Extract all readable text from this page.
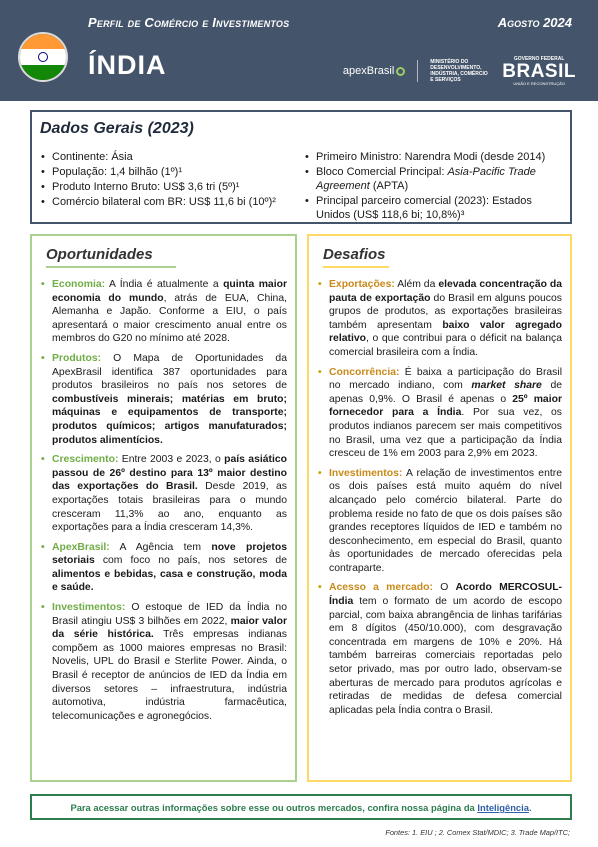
Perfil de Comércio e Investimentos	Agosto 2024
ÍNDIA	apexBrasil
MINISTÉRIO DO DESENVOLVIMENTO, INDÚSTRIA, COMÉRCIO E SERVIÇOS
GOVERNO FEDERAL
BRASIL
UNIÃO E RECONSTRUÇÃO
Dados Gerais (2023)
• Continente: Ásia
• População: 1,4 bilhão (1º)¹
• Produto Interno Bruto: US$ 3,6 tri (5º)¹
• Comércio bilateral com BR: US$ 11,6 bi (10º)²
• Primeiro Ministro: Narendra Modi (desde 2014)
• Bloco Comercial Principal: Asia-Pacific Trade Agreement (APTA)
• Principal parceiro comercial (2023): Estados Unidos (US$ 118,6 bi; 10,8%)³
Oportunidades
• Economia: A Índia é atualmente a quinta maior economia do mundo, atrás de EUA, China, Alemanha e Japão. Conforme a EIU, o país apresentará o maior crescimento anual entre os membros do G20 no mínimo até 2028.
• Produtos: O Mapa de Oportunidades da ApexBrasil identifica 387 oportunidades para produtos brasileiros no país nos setores de combustíveis minerais; matérias em bruto; máquinas e equipamentos de transporte; produtos químicos; artigos manufaturados; produtos alimentícios.
• Crescimento: Entre 2003 e 2023, o país asiático passou de 26º destino para 13º maior destino das exportações do Brasil. Desde 2019, as exportações totais brasileiras para o mundo cresceram 11,3% ao ano, enquanto as exportações para a Índia cresceram 14,3%.
• ApexBrasil: A Agência tem nove projetos setoriais com foco no país, nos setores de alimentos e bebidas, casa e construção, moda e saúde.
• Investimentos: O estoque de IED da Índia no Brasil atingiu US$ 3 bilhões em 2022, maior valor da série histórica. Três empresas indianas compõem as 1000 maiores empresas no Brasil: Novelis, UPL do Brasil e Sterlite Power. Ainda, o Brasil é receptor de anúncios de IED da Índia em diversos setores – infraestrutura, indústria automotiva, indústria farmacêutica, telecomunicações e agronegócios.
Desafios
• Exportações: Além da elevada concentração da pauta de exportação do Brasil em alguns poucos grupos de produtos, as exportações brasileiras também apresentam baixo valor agregado relativo, o que contribui para o déficit na balança comercial brasileira com a Índia.
• Concorrência: É baixa a participação do Brasil no mercado indiano, com market share de apenas 0,9%. O Brasil é apenas o 25º maior fornecedor para a Índia. Por sua vez, os produtos indianos parecem ser mais competitivos no Brasil, uma vez que a participação da Índia cresceu de 1% em 2003 para 2,9% em 2023.
• Investimentos: A relação de investimentos entre os dois países está muito aquém do nível alcançado pelo comércio bilateral. Parte do problema reside no fato de que os dois países são grandes receptores líquidos de IED e também no desconhecimento, em especial do Brasil, quanto às oportunidades de mercado oferecidas pela contraparte.
• Acesso a mercado: O Acordo MERCOSUL-Índia tem o formato de um acordo de escopo parcial, com baixa abrangência de linhas tarifárias em 8 dígitos (450/10.000), com desgravação concentrada em margens de 10% e 20%. Há também barreiras comerciais reportadas pelo setor privado, mas por outro lado, observam-se aberturas de mercado para produtos agrícolas e retiradas de medidas de defesa comercial aplicadas pela Índia contra o Brasil.
Para acessar outras informações sobre esse ou outros mercados, confira nossa página da Inteligência.
Fontes: 1. EIU ; 2. Comex Stat/MDIC; 3. Trade Map/ITC;
